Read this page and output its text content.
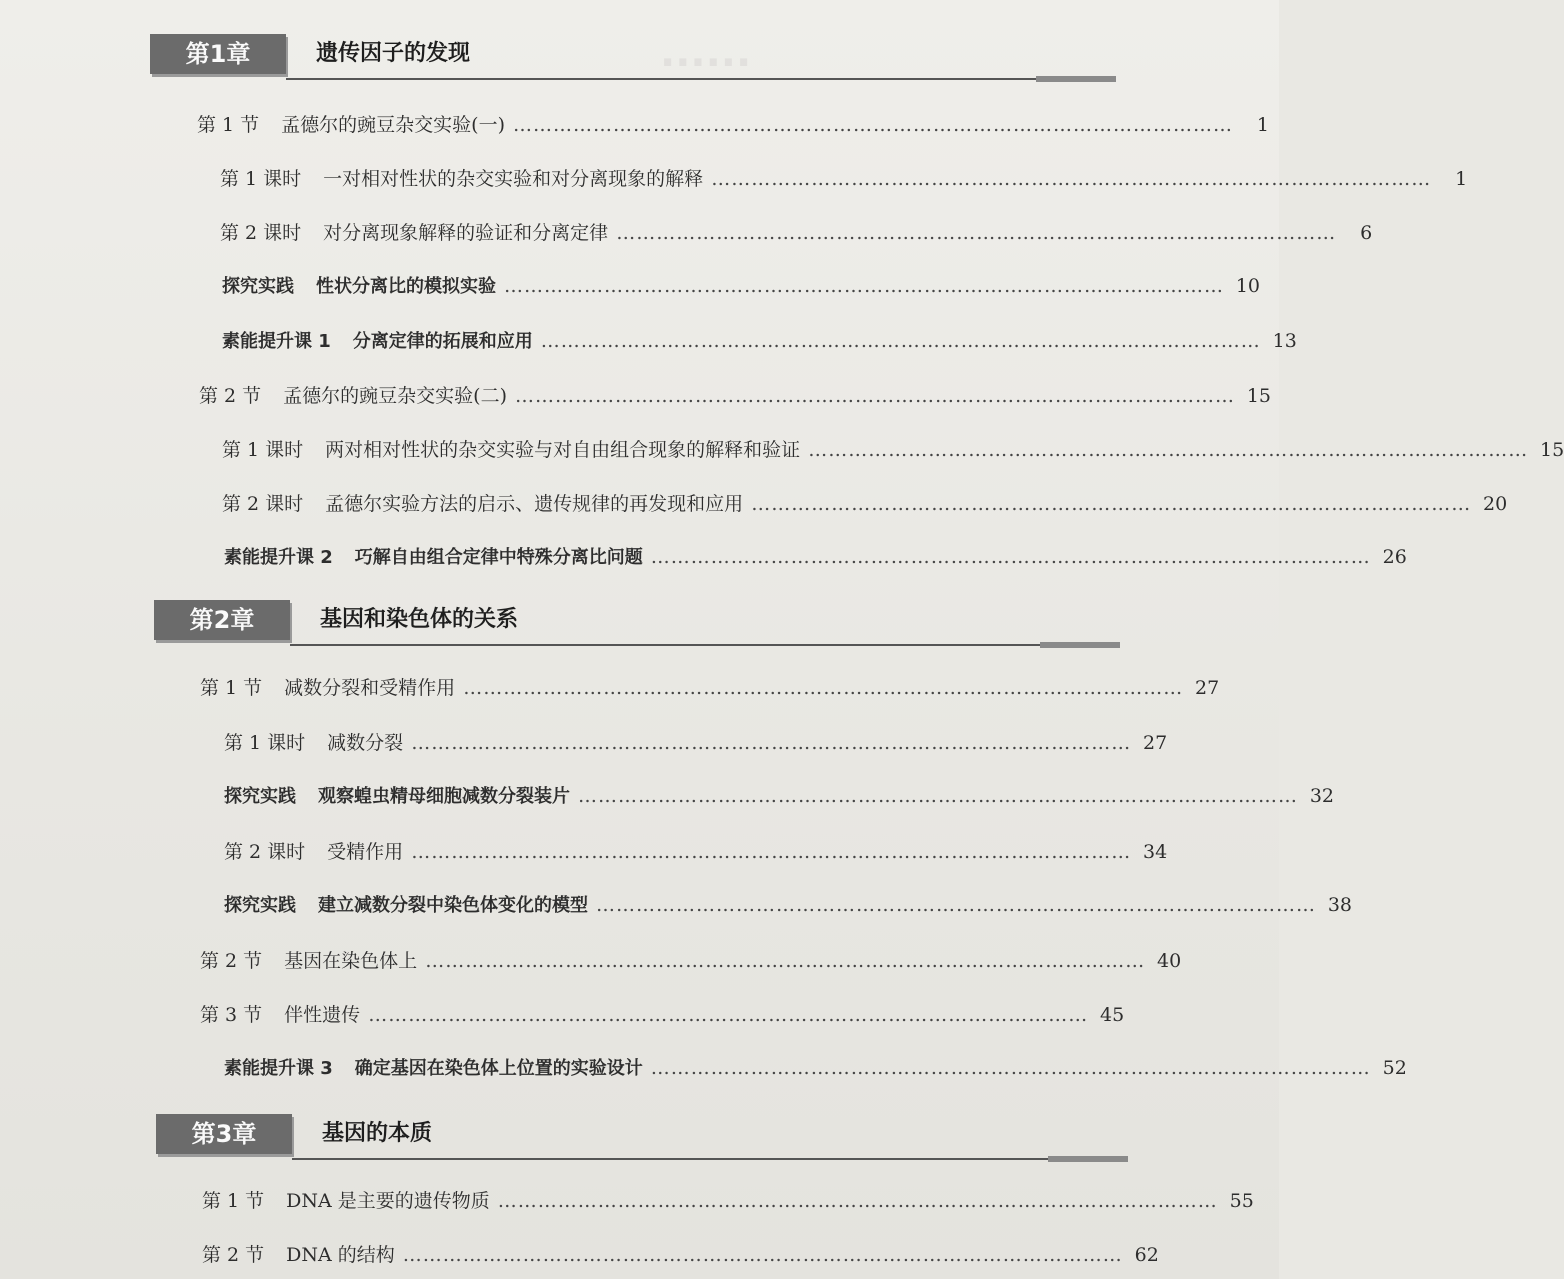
······
第1章	遗传因子的发现
第 1 节 孟德尔的豌豆杂交实验(一) ………………………………………………………………………………………………	1
第 1 课时 一对相对性状的杂交实验和对分离现象的解释 ………………………………………………………………………………………………	1
第 2 课时 对分离现象解释的验证和分离定律 ………………………………………………………………………………………………	6
探究实践 性状分离比的模拟实验 ……………………………………………………………………………………………… 10
素能提升课 1 分离定律的拓展和应用 ……………………………………………………………………………………………… 13
第 2 节 孟德尔的豌豆杂交实验(二) ……………………………………………………………………………………………… 15
第 1 课时 两对相对性状的杂交实验与对自由组合现象的解释和验证 ……………………………………………………………………………………………… 15
第 2 课时 孟德尔实验方法的启示、遗传规律的再发现和应用 ……………………………………………………………………………………………… 20
素能提升课 2 巧解自由组合定律中特殊分离比问题 ……………………………………………………………………………………………… 26
第2章	基因和染色体的关系
第 1 节 减数分裂和受精作用 ……………………………………………………………………………………………… 27
第 1 课时 减数分裂 ……………………………………………………………………………………………… 27
探究实践 观察蝗虫精母细胞减数分裂装片 ……………………………………………………………………………………………… 32
第 2 课时 受精作用 ……………………………………………………………………………………………… 34
探究实践 建立减数分裂中染色体变化的模型 ……………………………………………………………………………………………… 38
第 2 节 基因在染色体上 ……………………………………………………………………………………………… 40
第 3 节 伴性遗传 ……………………………………………………………………………………………… 45
素能提升课 3 确定基因在染色体上位置的实验设计 ……………………………………………………………………………………………… 52
第3章	基因的本质
第 1 节 DNA 是主要的遗传物质 ……………………………………………………………………………………………… 55
第 2 节 DNA 的结构 ……………………………………………………………………………………………… 62
